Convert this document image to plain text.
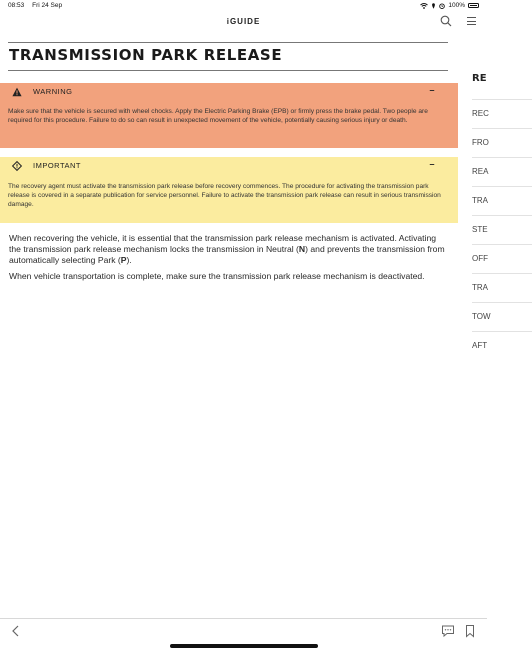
08:53 Fri 24 Sep	100%
iGUIDE
TRANSMISSION PARK RELEASE
WARNING	–
Make sure that the vehicle is secured with wheel chocks. Apply the Electric Parking Brake (EPB) or firmly press the brake pedal. Two people are required for this procedure. Failure to do so can result in unexpected movement of the vehicle, potentially causing serious injury or death.
IMPORTANT	–
The recovery agent must activate the transmission park release before recovery commences. The procedure for activating the transmission park release is covered in a separate publication for service personnel. Failure to activate the transmission park release can result in serious transmission damage.

When recovering the vehicle, it is essential that the transmission park release mechanism is activated. Activating the transmission park release mechanism locks the transmission in Neutral (N) and prevents the transmission from automatically selecting Park (P).

When vehicle transportation is complete, make sure the transmission park release mechanism is deactivated.

RE
REC
FRO
REA
TRA
STE
OFF
TRA
TOW
AFT
